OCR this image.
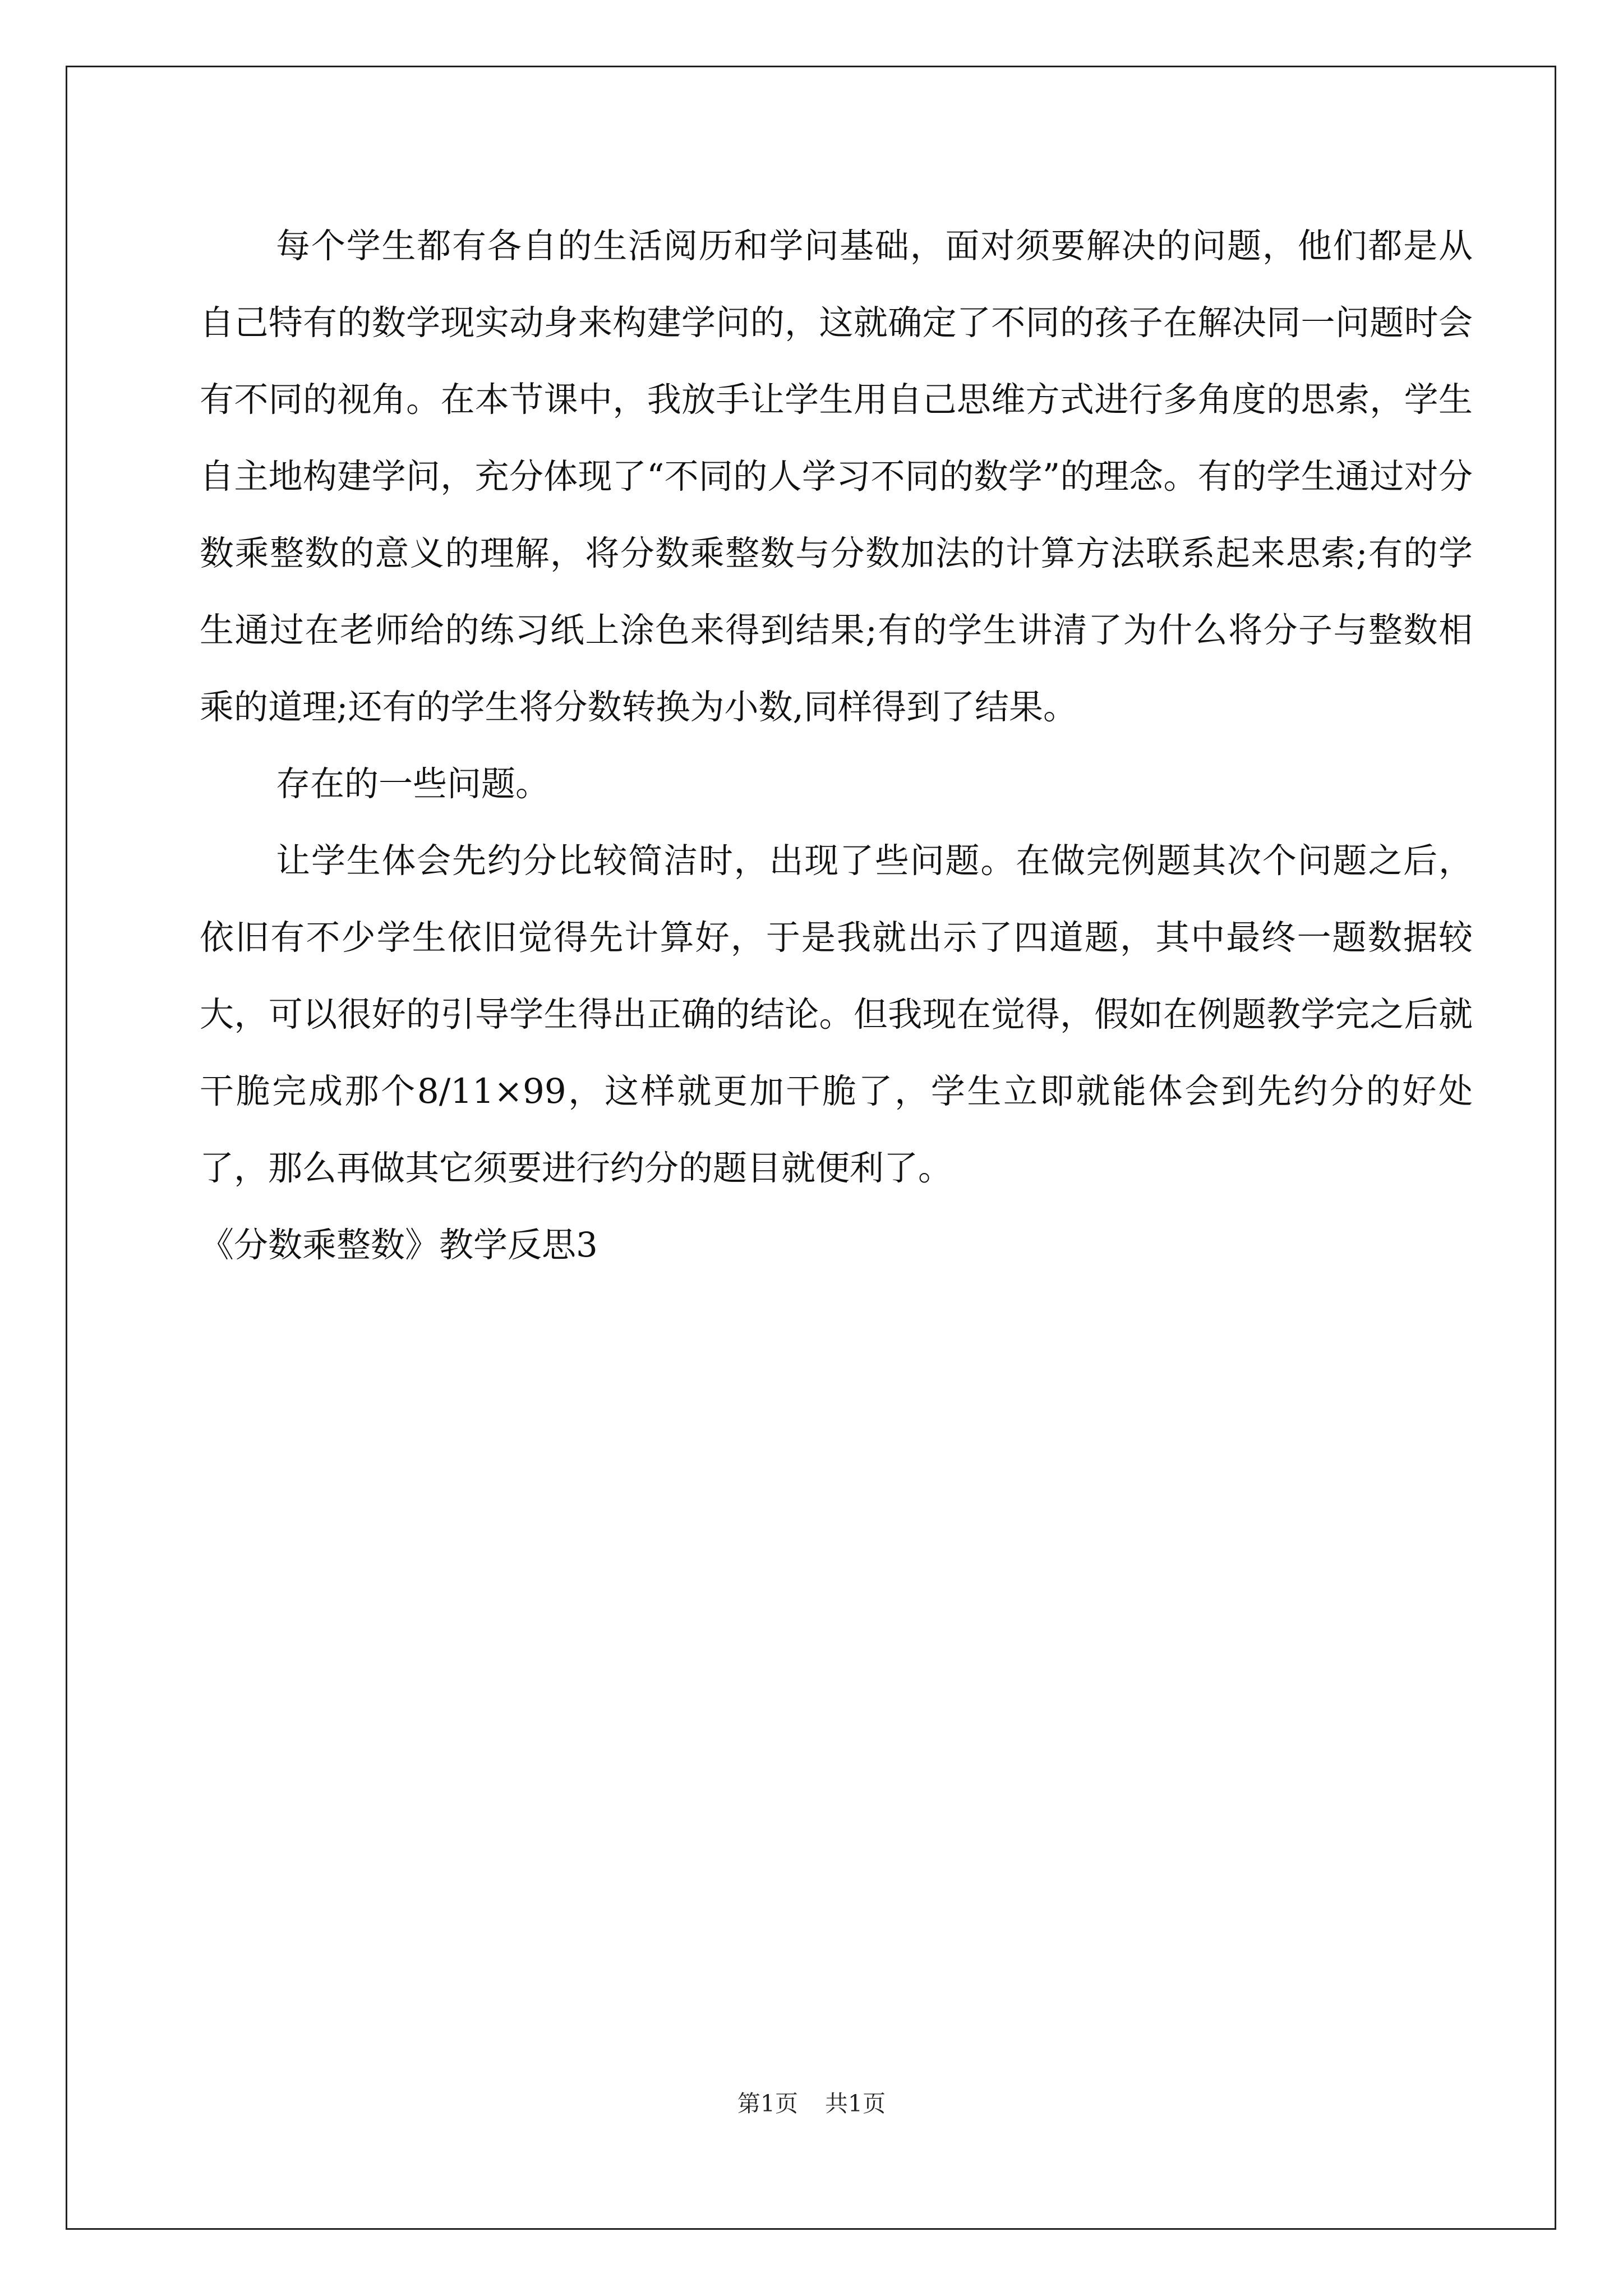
每个学生都有各自的生活阅历和学问基础，面对须要解决的问题，他们都是从自己特有的数学现实动身来构建学问的，这就确定了不同的孩子在解决同一问题时会有不同的视角。在本节课中，我放手让学生用自己思维方式进行多角度的思索，学生自主地构建学问，充分体现了“不同的人学习不同的数学”的理念。有的学生通过对分数乘整数的意义的理解，将分数乘整数与分数加法的计算方法联系起来思索;有的学生通过在老师给的练习纸上涂色来得到结果;有的学生讲清了为什么将分子与整数相乘的道理;还有的学生将分数转换为小数,同样得到了结果。

存在的一些问题。

让学生体会先约分比较简洁时，出现了些问题。在做完例题其次个问题之后，依旧有不少学生依旧觉得先计算好，于是我就出示了四道题，其中最终一题数据较大，可以很好的引导学生得出正确的结论。但我现在觉得，假如在例题教学完之后就干脆完成那个8/11×99，这样就更加干脆了，学生立即就能体会到先约分的好处了，那么再做其它须要进行约分的题目就便利了。

《分数乘整数》教学反思3

第1页 共1页
